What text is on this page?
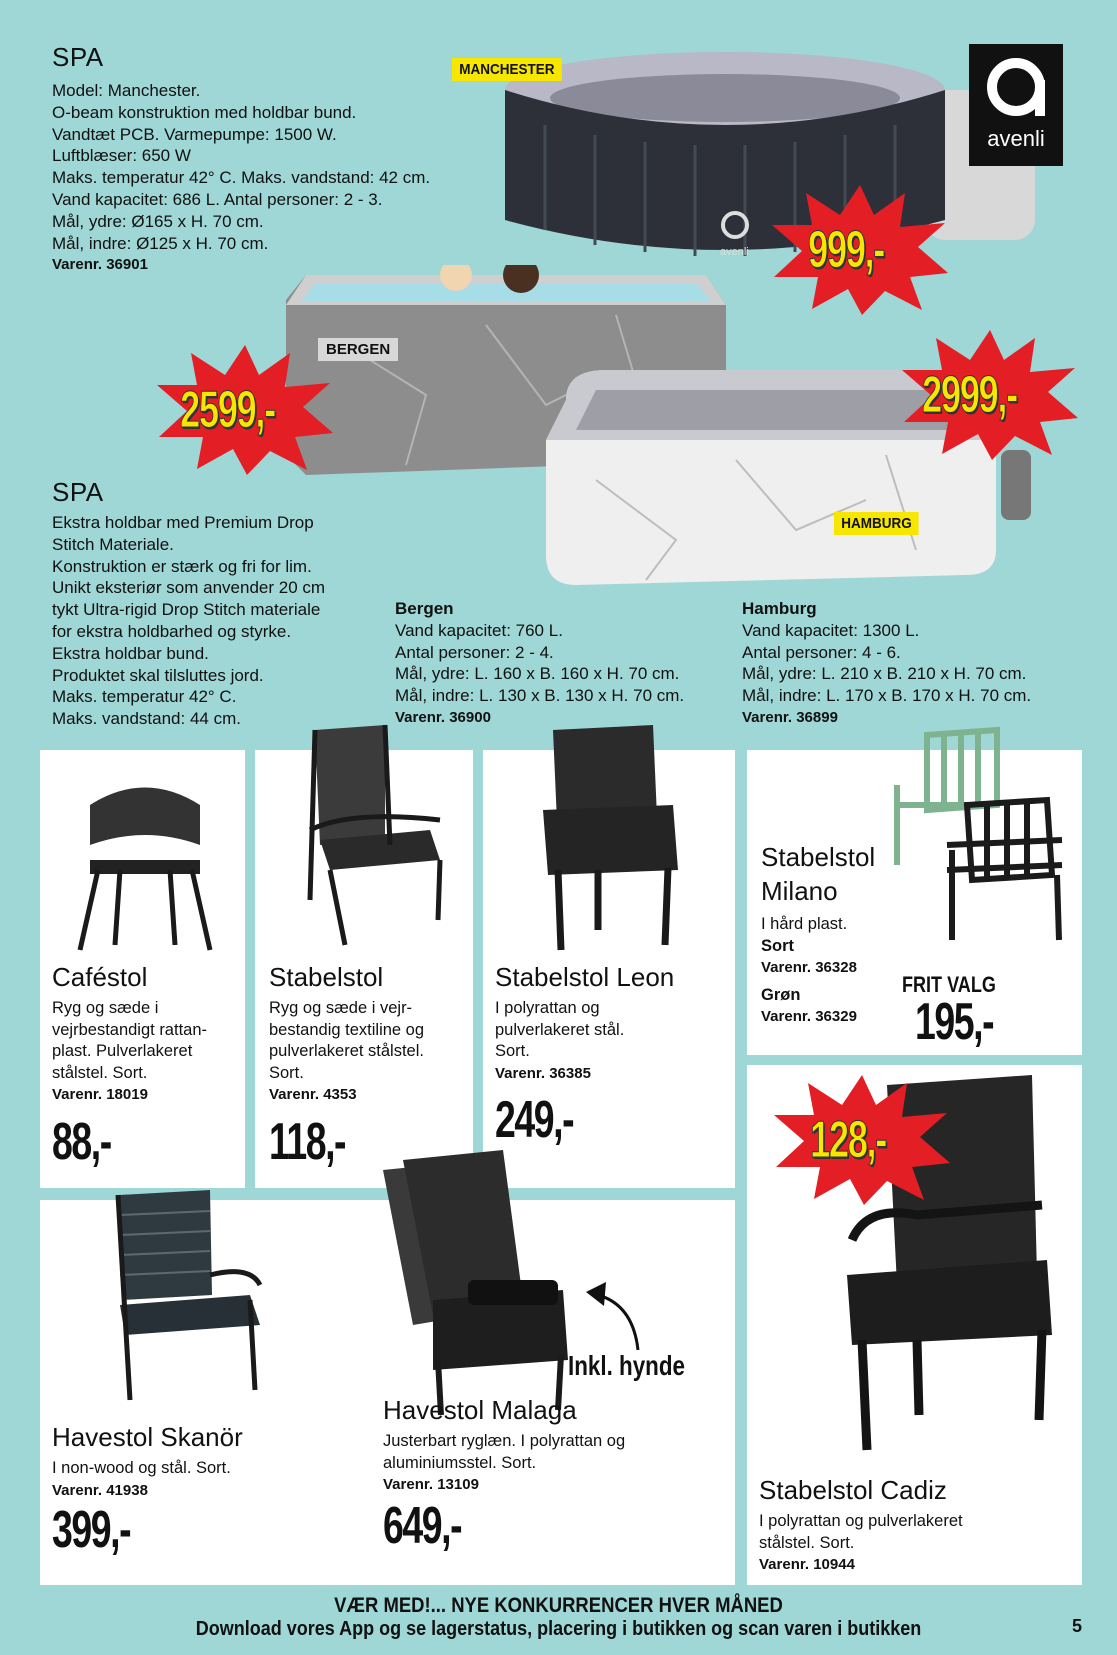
SPA
Model: Manchester.
O-beam konstruktion med holdbar bund.
Vandtæt PCB. Varmepumpe: 1500 W.
Luftblæser: 650 W
Maks. temperatur 42° C. Maks. vandstand: 42 cm.
Vand kapacitet: 686 L. Antal personer: 2 - 3.
Mål, ydre: Ø165 x H. 70 cm.
Mål, indre: Ø125 x H. 70 cm.
Varenr. 36901
avenli
MANCHESTER
avenli
999,-
BERGEN
2599,-
HAMBURG
2999,-
SPA
Ekstra holdbar med Premium Drop
Stitch Materiale.
Konstruktion er stærk og fri for lim.
Unikt eksteriør som anvender 20 cm
tykt Ultra-rigid Drop Stitch materiale
for ekstra holdbarhed og styrke.
Ekstra holdbar bund.
Produktet skal tilsluttes jord.
Maks. temperatur 42° C.
Maks. vandstand: 44 cm.
Bergen
Vand kapacitet: 760 L.
Antal personer: 2 - 4.
Mål, ydre: L. 160 x B. 160 x H. 70 cm.
Mål, indre: L. 130 x B. 130 x H. 70 cm.
Varenr. 36900
Hamburg
Vand kapacitet: 1300 L.
Antal personer: 4 - 6.
Mål, ydre: L. 210 x B. 210 x H. 70 cm.
Mål, indre: L. 170 x B. 170 x H. 70 cm.
Varenr. 36899
Caféstol
Ryg og sæde i
vejrbestandigt rattan-
plast. Pulverlakeret
stålstel. Sort.
Varenr. 18019
88,-
Stabelstol
Ryg og sæde i vejr-
bestandig textiline og
pulverlakeret stålstel.
Sort.
Varenr. 4353
118,-
Stabelstol Leon
I polyrattan og
pulverlakeret stål.
Sort.
Varenr. 36385
249,-
Stabelstol
Milano
I hård plast.
Sort
Varenr. 36328
Grøn
Varenr. 36329
FRIT VALG
195,-
Havestol Skanör
I non-wood og stål. Sort.
Varenr. 41938
399,-
Inkl. hynde
Havestol Malaga
Justerbart ryglæn. I polyrattan og
aluminiumsstel. Sort.
Varenr. 13109
649,-
Stabelstol Cadiz
I polyrattan og pulverlakeret
stålstel. Sort.
Varenr. 10944
128,-
VÆR MED!... NYE KONKURRENCER HVER MÅNED
Download vores App og se lagerstatus, placering i butikken og scan varen i butikken	5
